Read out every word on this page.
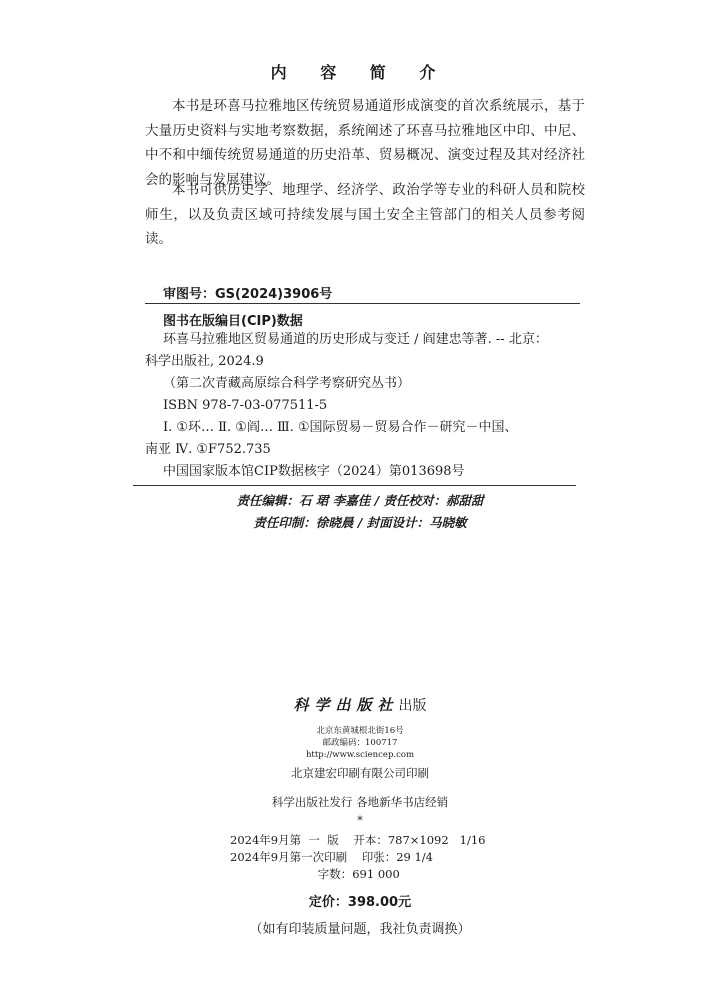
内 容 简 介

本书是环喜马拉雅地区传统贸易通道形成演变的首次系统展示，基于大量历史资料与实地考察数据，系统阐述了环喜马拉雅地区中印、中尼、中不和中缅传统贸易通道的历史沿革、贸易概况、演变过程及其对经济社会的影响与发展建议。

本书可供历史学、地理学、经济学、政治学等专业的科研人员和院校师生，以及负责区域可持续发展与国土安全主管部门的相关人员参考阅读。

审图号：GS(2024)3906号
图书在版编目(CIP)数据
环喜马拉雅地区贸易通道的历史形成与变迁 / 阎建忠等著. -- 北京：
科学出版社, 2024.9
（第二次青藏高原综合科学考察研究丛书）
ISBN 978-7-03-077511-5
Ⅰ. ①环… Ⅱ. ①阎… Ⅲ. ①国际贸易－贸易合作－研究－中国、
南亚 Ⅳ. ①F752.735
中国国家版本馆CIP数据核字（2024）第013698号
责任编辑：石 珺 李嘉佳 / 责任校对：郝甜甜
责任印制：徐晓晨 / 封面设计：马晓敏
科学出版社出版
北京东黄城根北街16号
邮政编码：100717
http://www.sciencep.com
北京建宏印刷有限公司印刷
科学出版社发行 各地新华书店经销
*
2024年9月第  一  版    开本：787×1092   1/16
2024年9月第一次印刷    印张：29 1/4
字数：691 000
定价：398.00元
（如有印装质量问题，我社负责调换）
